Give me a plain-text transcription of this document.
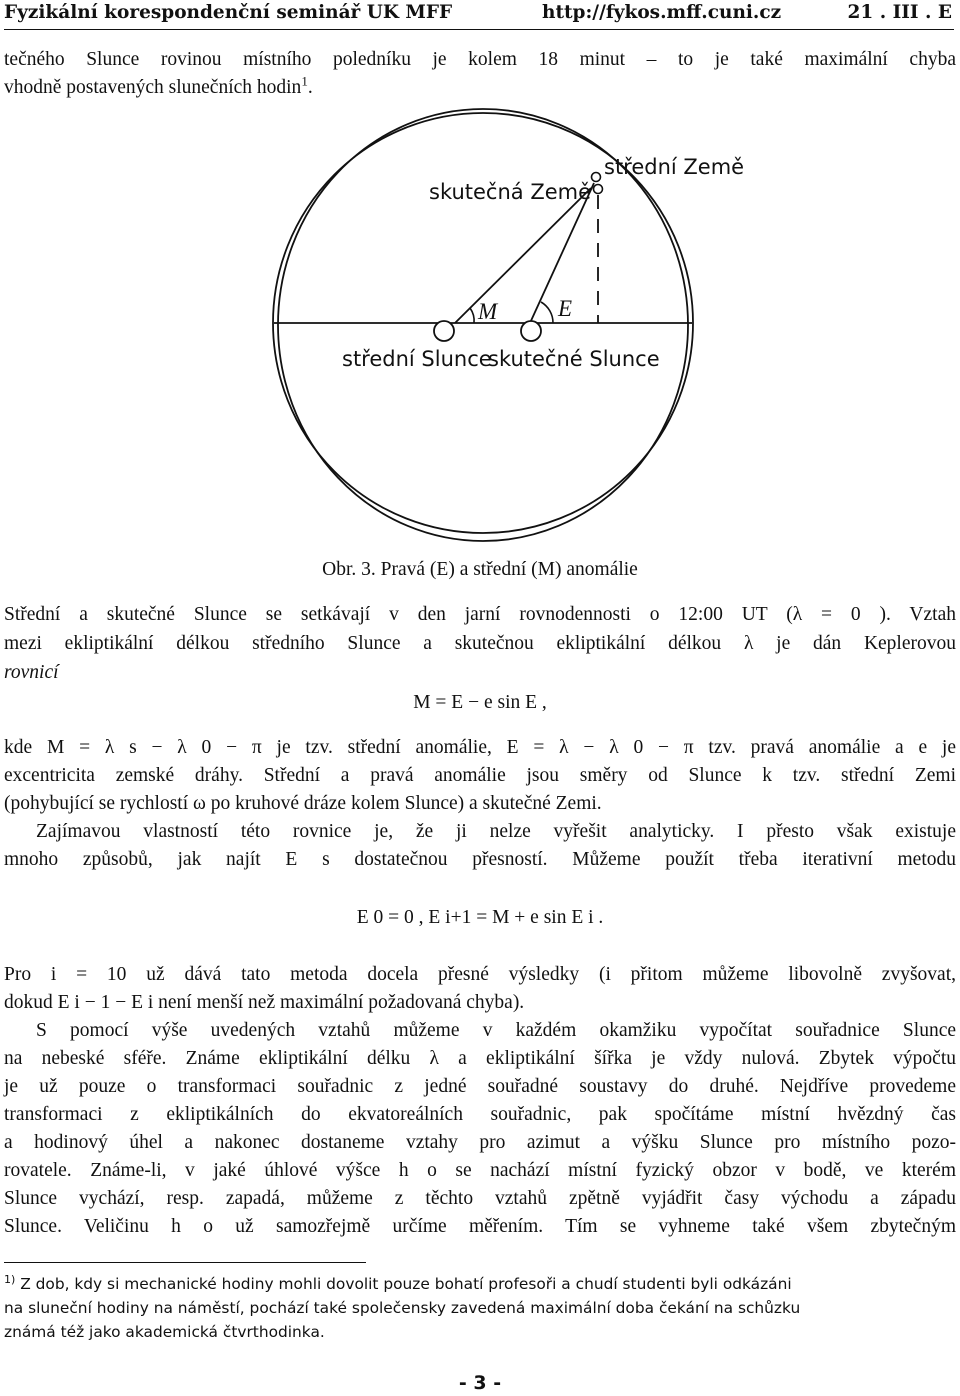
Fyzikální korespondenční seminář UK MFF	http://fykos.mff.cuni.cz	21 . III . E
tečného Slunce rovinou místního poledníku je kolem 18 minut – to je také maximální chyba
vhodně postavených slunečních hodin$^1$.
skutečná Země
střední Země
M	E
střední Slunce
skutečné Slunce
Obr. 3. Pravá (E) a střední (M) anomálie
Střední a skutečné Slunce se setkávají v den jarní rovnodennosti o 12:00 UT (λ = 0 ). Vztah
mezi ekliptikální délkou středního Slunce a skutečnou ekliptikální délkou λ je dán Keplerovou
rovnicí
M = E − e sin E ,
kde M = λ s − λ 0 − π je tzv. střední anomálie, E = λ − λ 0 − π tzv. pravá anomálie a e je
excentricita zemské dráhy. Střední a pravá anomálie jsou směry od Slunce k tzv. střední Zemi
(pohybující se rychlostí ω po kruhové dráze kolem Slunce) a skutečné Zemi.
Zajímavou vlastností této rovnice je, že ji nelze vyřešit analyticky. I přesto však existuje
mnoho způsobů, jak najít E s dostatečnou přesností. Můžeme použít třeba iterativní metodu
E 0 = 0 , E i+1 = M + e sin E i .
Pro i = 10 už dává tato metoda docela přesné výsledky (i přitom můžeme libovolně zvyšovat,
dokud E i − 1 − E i není menší než maximální požadovaná chyba).
S pomocí výše uvedených vztahů můžeme v každém okamžiku vypočítat souřadnice Slunce
na nebeské sféře. Známe ekliptikální délku λ a ekliptikální šířka je vždy nulová. Zbytek výpočtu
je už pouze o transformaci souřadnic z jedné souřadné soustavy do druhé. Nejdříve provedeme
transformaci z ekliptikálních do ekvatoreálních souřadnic, pak spočítáme místní hvězdný čas
a hodinový úhel a nakonec dostaneme vztahy pro azimut a výšku Slunce pro místního pozo-
rovatele. Známe-li, v jaké úhlové výšce h o se nachází místní fyzický obzor v bodě, ve kterém
Slunce vychází, resp. zapadá, můžeme z těchto vztahů zpětně vyjádřit časy východu a západu
Slunce. Veličinu h o už samozřejmě určíme měřením. Tím se vyhneme také všem zbytečným
$^{1)}$ Z dob, kdy si mechanické hodiny mohli dovolit pouze bohatí profesoři a chudí studenti byli odkázáni
na sluneční hodiny na náměstí, pochází také společensky zavedená maximální doba čekání na schůzku
známá též jako akademická čtvrthodinka.
- 3 -
